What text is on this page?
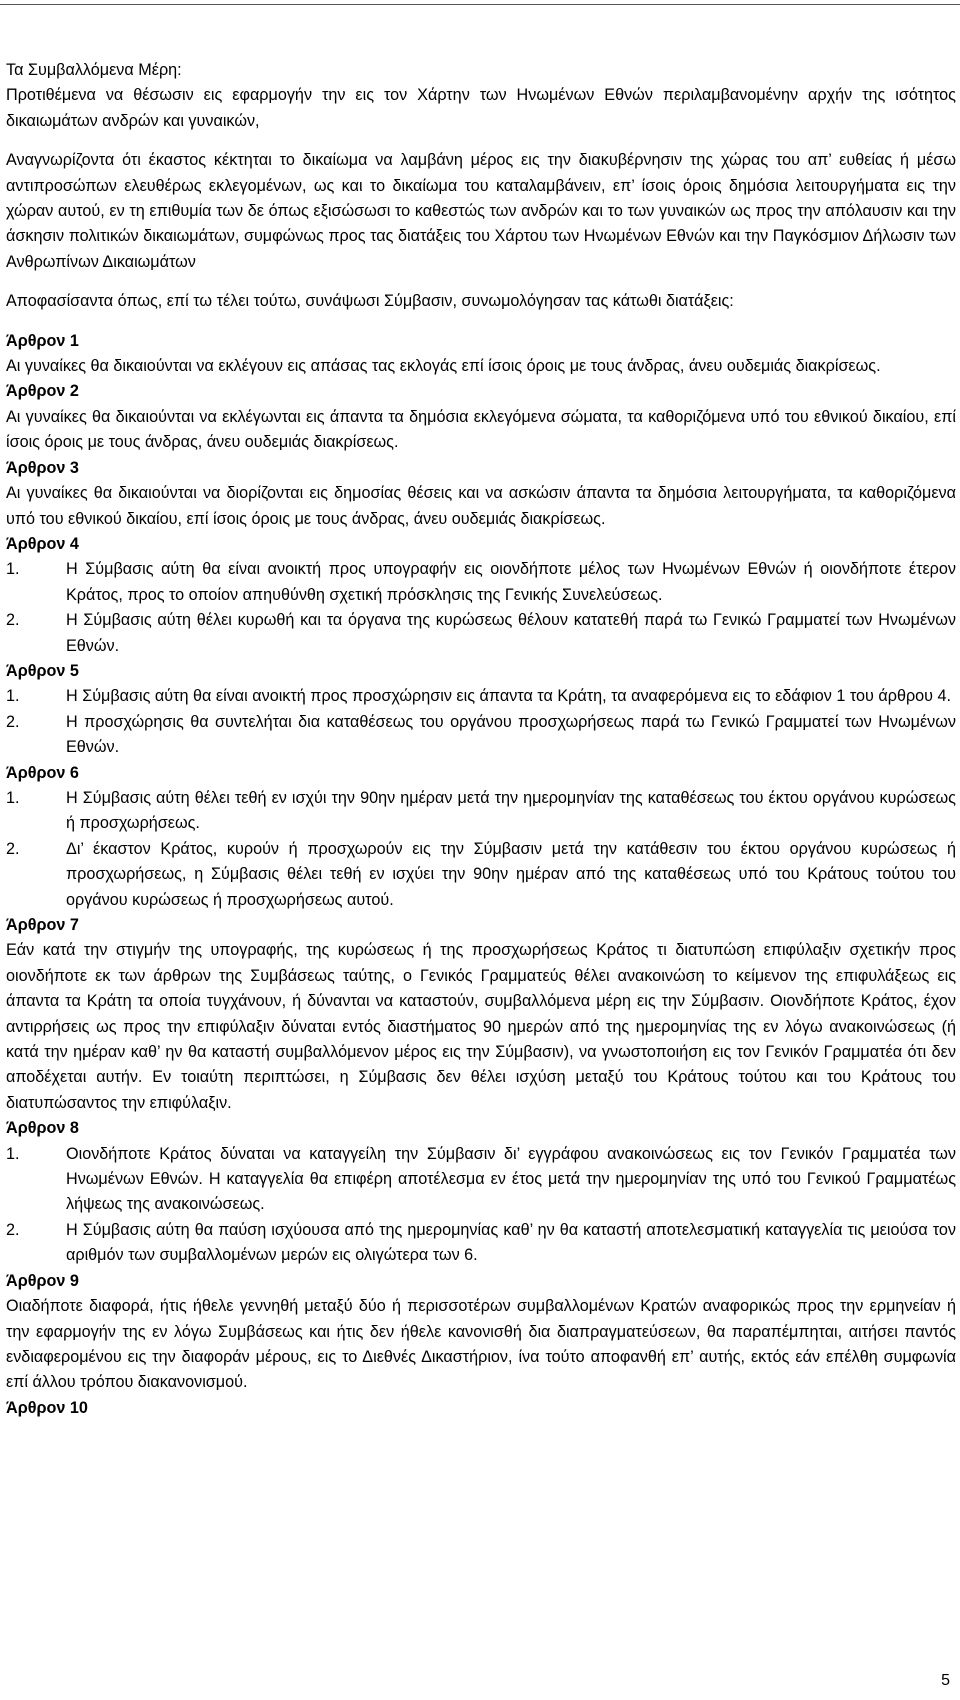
Τα Συμβαλλόμενα Μέρη:

Προτιθέμενα να θέσωσιν εις εφαρμογήν την εις τον Χάρτην των Ηνωμένων Εθνών περιλαμβανομένην αρχήν της ισότητος δικαιωμάτων ανδρών και γυναικών,

Αναγνωρίζοντα ότι έκαστος κέκτηται το δικαίωμα να λαμβάνη μέρος εις την διακυβέρνησιν της χώρας του απ’ ευθείας ή μέσω αντιπροσώπων ελευθέρως εκλεγομένων, ως και το δικαίωμα του καταλαμβάνειν, επ’ ίσοις όροις δημόσια λειτουργήματα εις την χώραν αυτού, εν τη επιθυμία των δε όπως εξισώσωσι το καθεστώς των ανδρών και το των γυναικών ως προς την απόλαυσιν και την άσκησιν πολιτικών δικαιωμάτων, συμφώνως προς τας διατάξεις του Χάρτου των Ηνωμένων Εθνών και την Παγκόσμιον Δήλωσιν των Ανθρωπίνων Δικαιωμάτων

Αποφασίσαντα όπως, επί τω τέλει τούτω, συνάψωσι Σύμβασιν, συνωμολόγησαν τας κάτωθι διατάξεις:

Άρθρον 1

Αι γυναίκες θα δικαιούνται να εκλέγουν εις απάσας τας εκλογάς επί ίσοις όροις με τους άνδρας, άνευ ουδεμιάς διακρίσεως.

Άρθρον 2

Αι γυναίκες θα δικαιούνται να εκλέγωνται εις άπαντα τα δημόσια εκλεγόμενα σώματα, τα καθοριζόμενα υπό του εθνικού δικαίου, επί ίσοις όροις με τους άνδρας, άνευ ουδεμιάς διακρίσεως.

Άρθρον 3

Αι γυναίκες θα δικαιούνται να διορίζονται εις δημοσίας θέσεις και να ασκώσιν άπαντα τα δημόσια λειτουργήματα, τα καθοριζόμενα υπό του εθνικού δικαίου, επί ίσοις όροις με τους άνδρας, άνευ ουδεμιάς διακρίσεως.

Άρθρον 4

1.	Η Σύμβασις αύτη θα είναι ανοικτή προς υπογραφήν εις οιονδήποτε μέλος των Ηνωμένων Εθνών ή οιονδήποτε έτερον Κράτος, προς το οποίον απηυθύνθη σχετική πρόσκλησις της Γενικής Συνελεύσεως.
2.	Η Σύμβασις αύτη θέλει κυρωθή και τα όργανα της κυρώσεως θέλουν κατατεθή παρά τω Γενικώ Γραμματεί των Ηνωμένων Εθνών.

Άρθρον 5

1.	Η Σύμβασις αύτη θα είναι ανοικτή προς προσχώρησιν εις άπαντα τα Κράτη, τα αναφερόμενα εις το εδάφιον 1 του άρθρου 4.
2.	Η προσχώρησις θα συντελήται δια καταθέσεως του οργάνου προσχωρήσεως παρά τω Γενικώ Γραμματεί των Ηνωμένων Εθνών.

Άρθρον 6

1.	Η Σύμβασις αύτη θέλει τεθή εν ισχύι την 90ην ημέραν μετά την ημερομηνίαν της καταθέσεως του έκτου οργάνου κυρώσεως ή προσχωρήσεως.
2.	Δι’ έκαστον Κράτος, κυρούν ή προσχωρούν εις την Σύμβασιν μετά την κατάθεσιν του έκτου οργάνου κυρώσεως ή προσχωρήσεως, η Σύμβασις θέλει τεθή εν ισχύει την 90ην ημέραν από της καταθέσεως υπό του Κράτους τούτου του οργάνου κυρώσεως ή προσχωρήσεως αυτού.

Άρθρον 7

Εάν κατά την στιγμήν της υπογραφής, της κυρώσεως ή της προσχωρήσεως Κράτος τι διατυπώση επιφύλαξιν σχετικήν προς οιονδήποτε εκ των άρθρων της Συμβάσεως ταύτης, ο Γενικός Γραμματεύς θέλει ανακοινώση το κείμενον της επιφυλάξεως εις άπαντα τα Κράτη τα οποία τυγχάνουν, ή δύνανται να καταστούν, συμβαλλόμενα μέρη εις την Σύμβασιν. Οιονδήποτε Κράτος, έχον αντιρρήσεις ως προς την επιφύλαξιν δύναται εντός διαστήματος 90 ημερών από της ημερομηνίας της εν λόγω ανακοινώσεως (ή κατά την ημέραν καθ’ ην θα καταστή συμβαλλόμενον μέρος εις την Σύμβασιν), να γνωστοποιήση εις τον Γενικόν Γραμματέα ότι δεν αποδέχεται αυτήν. Εν τοιαύτη περιπτώσει, η Σύμβασις δεν θέλει ισχύση μεταξύ του Κράτους τούτου και του Κράτους του διατυπώσαντος την επιφύλαξιν.

Άρθρον 8

1.	Οιονδήποτε Κράτος δύναται να καταγγείλη την Σύμβασιν δι’ εγγράφου ανακοινώσεως εις τον Γενικόν Γραμματέα των Ηνωμένων Εθνών. Η καταγγελία θα επιφέρη αποτέλεσμα εν έτος μετά την ημερομηνίαν της υπό του Γενικού Γραμματέως λήψεως της ανακοινώσεως.
2.	Η Σύμβασις αύτη θα παύση ισχύουσα από της ημερομηνίας καθ’ ην θα καταστή αποτελεσματική καταγγελία τις μειούσα τον αριθμόν των συμβαλλομένων μερών εις ολιγώτερα των 6.

Άρθρον 9

Οιαδήποτε διαφορά, ήτις ήθελε γεννηθή μεταξύ δύο ή περισσοτέρων συμβαλλομένων Κρατών αναφορικώς προς την ερμηνείαν ή την εφαρμογήν της εν λόγω Συμβάσεως και ήτις δεν ήθελε κανονισθή δια διαπραγματεύσεων, θα παραπέμπηται, αιτήσει παντός ενδιαφερομένου εις την διαφοράν μέρους, εις το Διεθνές Δικαστήριον, ίνα τούτο αποφανθή επ’ αυτής, εκτός εάν επέλθη συμφωνία επί άλλου τρόπου διακανονισμού.

Άρθρον 10

5
